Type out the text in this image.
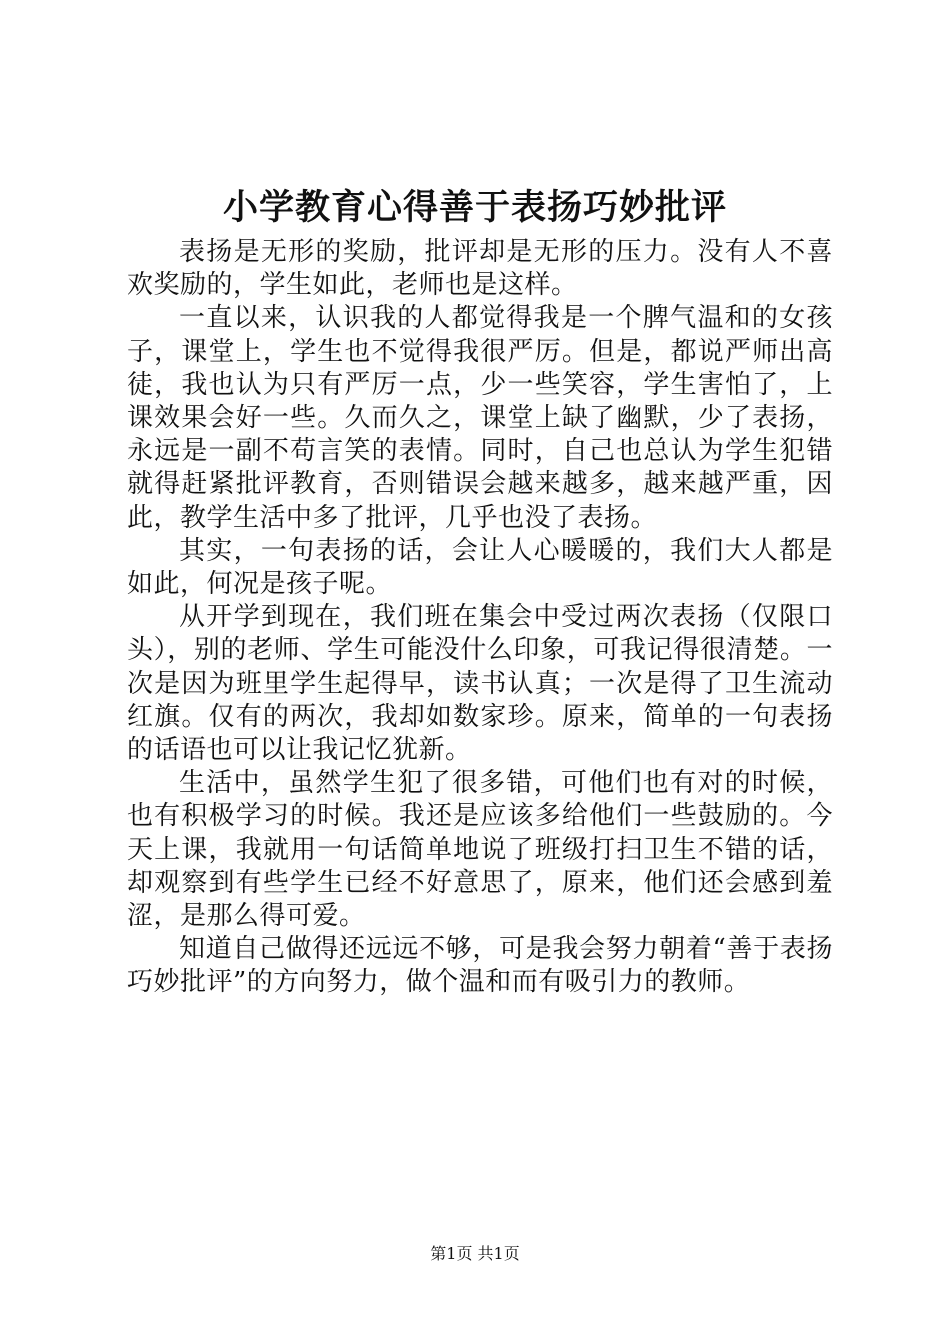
小学教育心得善于表扬巧妙批评

表扬是无形的奖励，批评却是无形的压力。没有人不喜欢奖励的，学生如此，老师也是这样。

一直以来，认识我的人都觉得我是一个脾气温和的女孩子，课堂上，学生也不觉得我很严厉。但是，都说严师出高徒，我也认为只有严厉一点，少一些笑容，学生害怕了，上课效果会好一些。久而久之，课堂上缺了幽默，少了表扬，永远是一副不苟言笑的表情。同时，自己也总认为学生犯错就得赶紧批评教育，否则错误会越来越多，越来越严重，因此，教学生活中多了批评，几乎也没了表扬。

其实，一句表扬的话，会让人心暖暖的，我们大人都是如此，何况是孩子呢。

从开学到现在，我们班在集会中受过两次表扬（仅限口头），别的老师、学生可能没什么印象，可我记得很清楚。一次是因为班里学生起得早，读书认真；一次是得了卫生流动红旗。仅有的两次，我却如数家珍。原来，简单的一句表扬的话语也可以让我记忆犹新。

生活中，虽然学生犯了很多错，可他们也有对的时候，也有积极学习的时候。我还是应该多给他们一些鼓励的。今天上课，我就用一句话简单地说了班级打扫卫生不错的话，却观察到有些学生已经不好意思了，原来，他们还会感到羞涩，是那么得可爱。

知道自己做得还远远不够，可是我会努力朝着“善于表扬巧妙批评”的方向努力，做个温和而有吸引力的教师。

第1页 共1页
